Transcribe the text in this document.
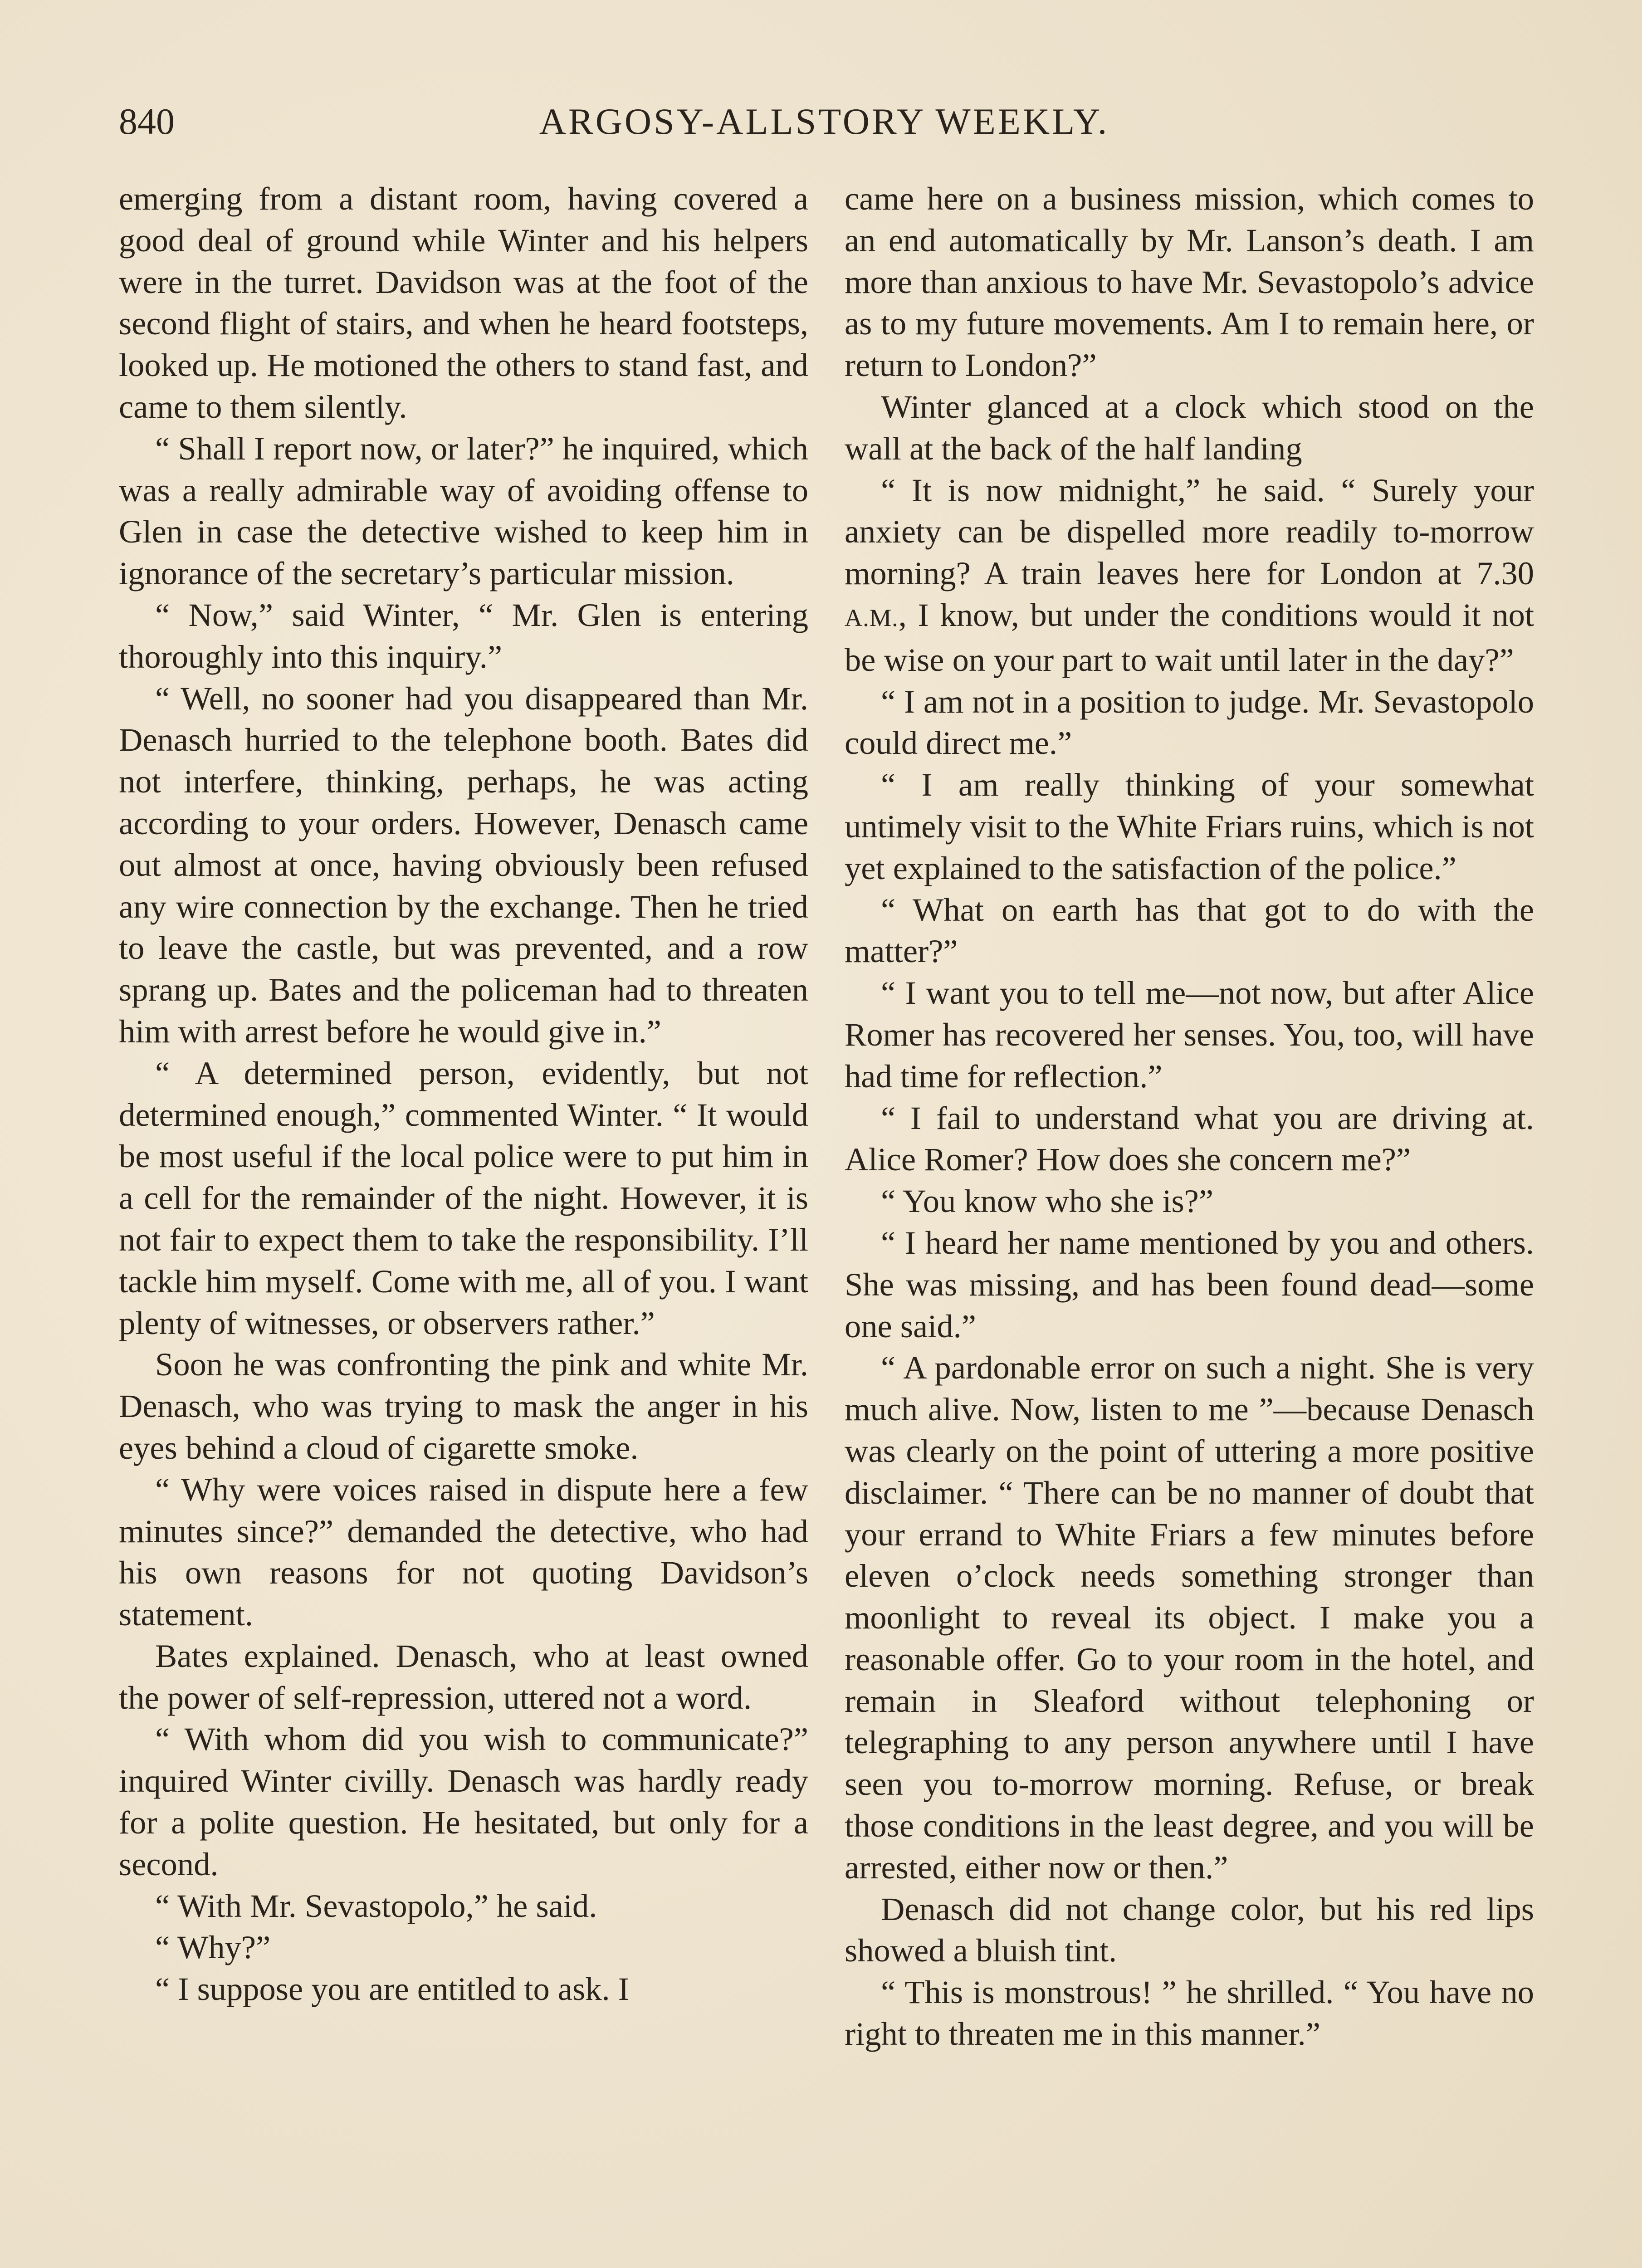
840	ARGOSY-ALLSTORY WEEKLY.

emerging from a distant room, having covered a good deal of ground while Winter and his helpers were in the turret. Davidson was at the foot of the second flight of stairs, and when he heard footsteps, looked up. He motioned the others to stand fast, and came to them silently.

“ Shall I report now, or later?” he inquired, which was a really admirable way of avoiding offense to Glen in case the detective wished to keep him in ignorance of the secretary’s particular mission.

“ Now,” said Winter, “ Mr. Glen is entering thoroughly into this inquiry.”

“ Well, no sooner had you disappeared than Mr. Denasch hurried to the telephone booth. Bates did not interfere, thinking, perhaps, he was acting according to your orders. However, Denasch came out almost at once, having obviously been refused any wire connection by the exchange. Then he tried to leave the castle, but was prevented, and a row sprang up. Bates and the policeman had to threaten him with arrest before he would give in.”

“ A determined person, evidently, but not determined enough,” commented Winter. “ It would be most useful if the local police were to put him in a cell for the remainder of the night. However, it is not fair to expect them to take the responsibility. I’ll tackle him myself. Come with me, all of you. I want plenty of witnesses, or observers rather.”

Soon he was confronting the pink and white Mr. Denasch, who was trying to mask the anger in his eyes behind a cloud of cigarette smoke.

“ Why were voices raised in dispute here a few minutes since?” demanded the detective, who had his own reasons for not quoting Davidson’s statement.

Bates explained. Denasch, who at least owned the power of self-repression, uttered not a word.

“ With whom did you wish to communicate?” inquired Winter civilly. Denasch was hardly ready for a polite question. He hesitated, but only for a second.

“ With Mr. Sevastopolo,” he said.

“ Why?”

“ I suppose you are entitled to ask. I

came here on a business mission, which comes to an end automatically by Mr. Lanson’s death. I am more than anxious to have Mr. Sevastopolo’s advice as to my future movements. Am I to remain here, or return to London?”

Winter glanced at a clock which stood on the wall at the back of the half landing

“ It is now midnight,” he said. “ Surely your anxiety can be dispelled more readily to-morrow morning? A train leaves here for London at 7.30 A.M., I know, but under the conditions would it not be wise on your part to wait until later in the day?”

“ I am not in a position to judge. Mr. Sevastopolo could direct me.”

“ I am really thinking of your somewhat untimely visit to the White Friars ruins, which is not yet explained to the satisfaction of the police.”

“ What on earth has that got to do with the matter?”

“ I want you to tell me—not now, but after Alice Romer has recovered her senses. You, too, will have had time for reflection.”

“ I fail to understand what you are driving at. Alice Romer? How does she concern me?”

“ You know who she is?”

“ I heard her name mentioned by you and others. She was missing, and has been found dead—some one said.”

“ A pardonable error on such a night. She is very much alive. Now, listen to me ”—because Denasch was clearly on the point of uttering a more positive disclaimer. “ There can be no manner of doubt that your errand to White Friars a few minutes before eleven o’clock needs something stronger than moonlight to reveal its object. I make you a reasonable offer. Go to your room in the hotel, and remain in Sleaford without telephoning or telegraphing to any person anywhere until I have seen you to-morrow morning. Refuse, or break those conditions in the least degree, and you will be arrested, either now or then.”

Denasch did not change color, but his red lips showed a bluish tint.

“ This is monstrous! ” he shrilled. “ You have no right to threaten me in this manner.”
